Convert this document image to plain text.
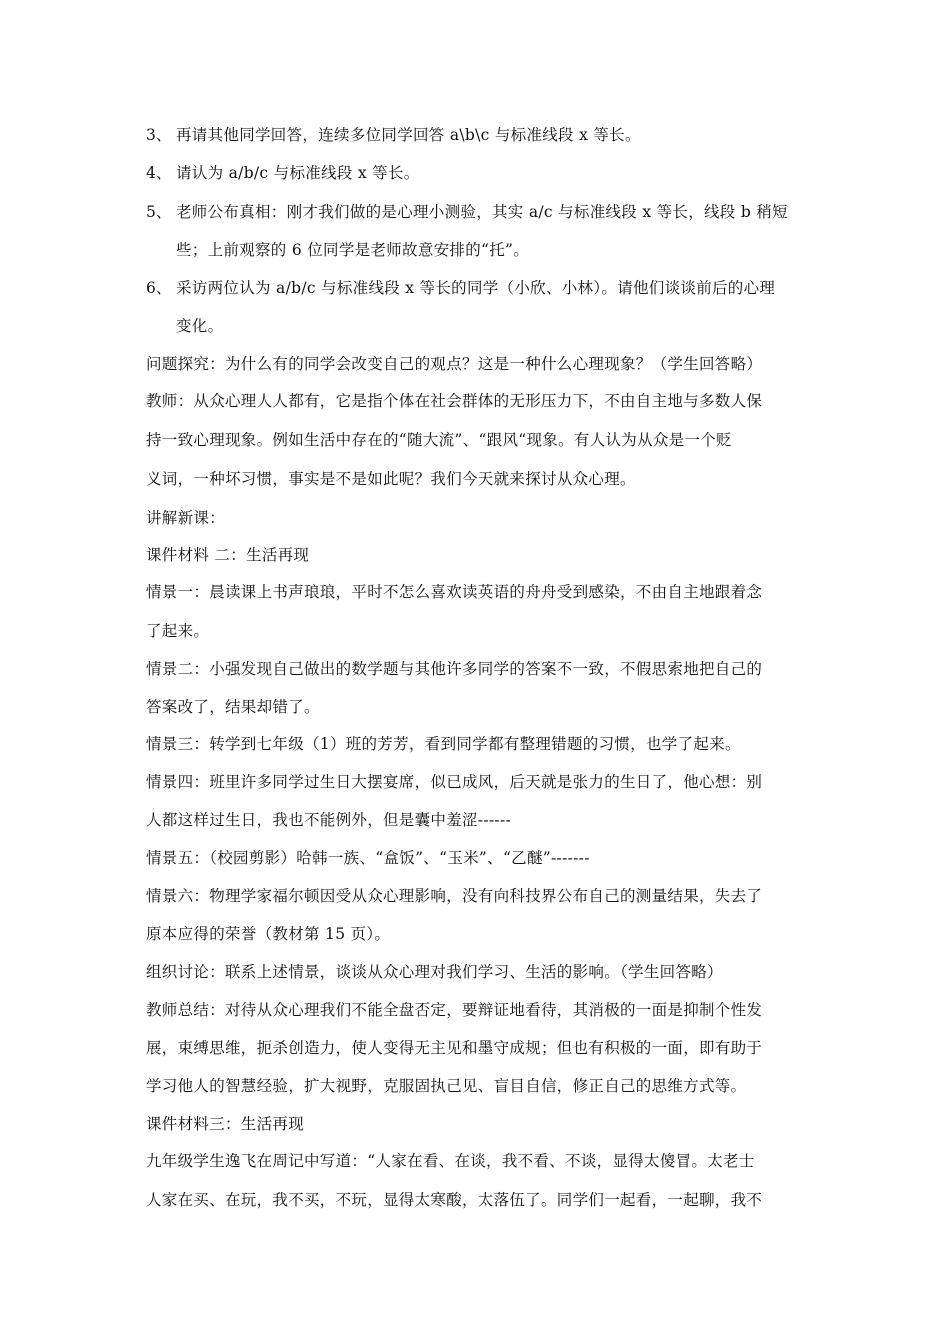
3、 再请其他同学回答，连续多位同学回答 a\b\c 与标准线段 x 等长。
4、 请认为 a/b/c 与标准线段 x 等长。
5、 老师公布真相：刚才我们做的是心理小测验，其实 a/c 与标准线段 x 等长，线段 b 稍短
些；上前观察的 6 位同学是老师故意安排的“托”。
6、 采访两位认为 a/b/c 与标准线段 x 等长的同学（小欣、小林）。请他们谈谈前后的心理
变化。
问题探究：为什么有的同学会改变自己的观点？这是一种什么心理现象？（学生回答略）
教师：从众心理人人都有，它是指个体在社会群体的无形压力下，不由自主地与多数人保
持一致心理现象。例如生活中存在的“随大流”、“跟风“现象。有人认为从众是一个贬
义词，一种坏习惯，事实是不是如此呢？我们今天就来探讨从众心理。
讲解新课：
课件材料 二：生活再现
情景一：晨读课上书声琅琅，平时不怎么喜欢读英语的舟舟受到感染，不由自主地跟着念
了起来。
情景二：小强发现自己做出的数学题与其他许多同学的答案不一致，不假思索地把自己的
答案改了，结果却错了。
情景三：转学到七年级（1）班的芳芳，看到同学都有整理错题的习惯，也学了起来。
情景四：班里许多同学过生日大摆宴席，似已成风，后天就是张力的生日了，他心想：别
人都这样过生日，我也不能例外，但是囊中羞涩------
情景五：（校园剪影）哈韩一族、“盒饭”、“玉米”、“乙醚”-------
情景六：物理学家福尔顿因受从众心理影响，没有向科技界公布自己的测量结果，失去了
原本应得的荣誉（教材第 15 页）。
组织讨论：联系上述情景，谈谈从众心理对我们学习、生活的影响。（学生回答略）
教师总结：对待从众心理我们不能全盘否定，要辩证地看待，其消极的一面是抑制个性发
展，束缚思维，扼杀创造力，使人变得无主见和墨守成规；但也有积极的一面，即有助于
学习他人的智慧经验，扩大视野，克服固执己见、盲目自信，修正自己的思维方式等。
课件材料三：生活再现
九年级学生逸飞在周记中写道：“人家在看、在谈，我不看、不谈，显得太傻冒。太老士
人家在买、在玩，我不买，不玩，显得太寒酸，太落伍了。同学们一起看，一起聊，我不
